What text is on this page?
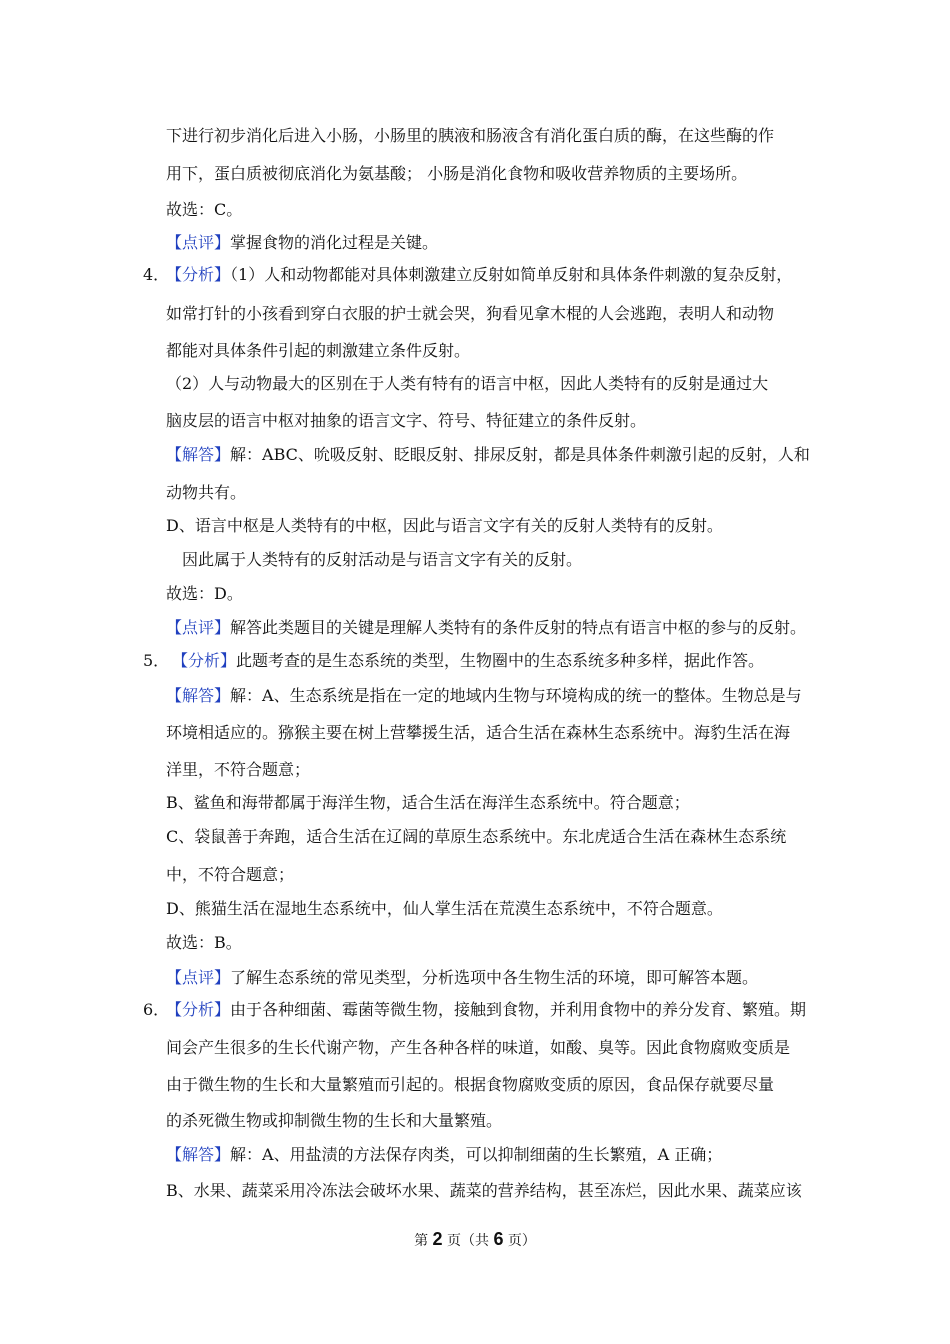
下进行初步消化后进入小肠，小肠里的胰液和肠液含有消化蛋白质的酶，在这些酶的作
用下，蛋白质被彻底消化为氨基酸； 小肠是消化食物和吸收营养物质的主要场所。
故选：C。
【点评】掌握食物的消化过程是关键。
4．
【分析】（1）人和动物都能对具体刺激建立反射如简单反射和具体条件刺激的复杂反射，
如常打针的小孩看到穿白衣服的护士就会哭，狗看见拿木棍的人会逃跑，表明人和动物
都能对具体条件引起的刺激建立条件反射。
（2）人与动物最大的区别在于人类有特有的语言中枢，因此人类特有的反射是通过大
脑皮层的语言中枢对抽象的语言文字、符号、特征建立的条件反射。
【解答】解：ABC、吮吸反射、眨眼反射、排尿反射，都是具体条件刺激引起的反射，人和
动物共有。
D、语言中枢是人类特有的中枢，因此与语言文字有关的反射人类特有的反射。
因此属于人类特有的反射活动是与语言文字有关的反射。
故选：D。
【点评】解答此类题目的关键是理解人类特有的条件反射的特点有语言中枢的参与的反射。
5． 【分析】此题考查的是生态系统的类型，生物圈中的生态系统多种多样，据此作答。
【解答】解：A、生态系统是指在一定的地域内生物与环境构成的统一的整体。生物总是与
环境相适应的。猕猴主要在树上营攀援生活，适合生活在森林生态系统中。海豹生活在海
洋里，不符合题意；
B、鲨鱼和海带都属于海洋生物，适合生活在海洋生态系统中。符合题意；
C、袋鼠善于奔跑，适合生活在辽阔的草原生态系统中。东北虎适合生活在森林生态系统
中，不符合题意；
D、熊猫生活在湿地生态系统中，仙人掌生活在荒漠生态系统中，不符合题意。
故选：B。
【点评】了解生态系统的常见类型，分析选项中各生物生活的环境，即可解答本题。
6．
【分析】由于各种细菌、霉菌等微生物，接触到食物，并利用食物中的养分发育、繁殖。期
间会产生很多的生长代谢产物，产生各种各样的味道，如酸、臭等。因此食物腐败变质是
由于微生物的生长和大量繁殖而引起的。根据食物腐败变质的原因，食品保存就要尽量
的杀死微生物或抑制微生物的生长和大量繁殖。
【解答】解：A、用盐渍的方法保存肉类，可以抑制细菌的生长繁殖，A 正确；
B、水果、蔬菜采用冷冻法会破坏水果、蔬菜的营养结构，甚至冻烂，因此水果、蔬菜应该
第 2 页（共 6 页）
